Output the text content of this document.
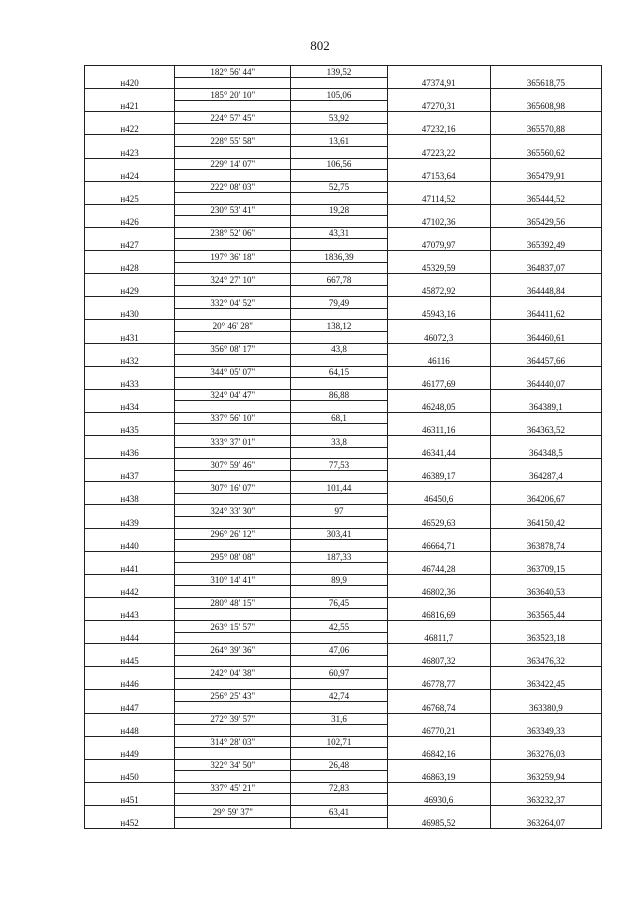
802
	182° 56' 44"	139,52		
н420			47374,91	365618,75
	185° 20' 10"	105,06		
н421			47270,31	365608,98
	224° 57' 45"	53,92		
н422			47232,16	365570,88
	228° 55' 58"	13,61		
н423			47223,22	365560,62
	229° 14' 07"	106,56		
н424			47153,64	365479,91
	222° 08' 03"	52,75		
н425			47114,52	365444,52
	230° 53' 41"	19,28		
н426			47102,36	365429,56
	238° 52' 06"	43,31		
н427			47079,97	365392,49
	197° 36' 18"	1836,39		
н428			45329,59	364837,07
	324° 27' 10"	667,78		
н429			45872,92	364448,84
	332° 04' 52"	79,49		
н430			45943,16	364411,62
	20° 46' 28"	138,12		
н431			46072,3	364460,61
	356° 08' 17"	43,8		
н432			46116	364457,66
	344° 05' 07"	64,15		
н433			46177,69	364440,07
	324° 04' 47"	86,88		
н434			46248,05	364389,1
	337° 56' 10"	68,1		
н435			46311,16	364363,52
	333° 37' 01"	33,8		
н436			46341,44	364348,5
	307° 59' 46"	77,53		
н437			46389,17	364287,4
	307° 16' 07"	101,44		
н438			46450,6	364206,67
	324° 33' 30"	97		
н439			46529,63	364150,42
	296° 26' 12"	303,41		
н440			46664,71	363878,74
	295° 08' 08"	187,33		
н441			46744,28	363709,15
	310° 14' 41"	89,9		
н442			46802,36	363640,53
	280° 48' 15"	76,45		
н443			46816,69	363565,44
	263° 15' 57"	42,55		
н444			46811,7	363523,18
	264° 39' 36"	47,06		
н445			46807,32	363476,32
	242° 04' 38"	60,97		
н446			46778,77	363422,45
	256° 25' 43"	42,74		
н447			46768,74	363380,9
	272° 39' 57"	31,6		
н448			46770,21	363349,33
	314° 28' 03"	102,71		
н449			46842,16	363276,03
	322° 34' 50"	26,48		
н450			46863,19	363259,94
	337° 45' 21"	72,83		
н451			46930,6	363232,37
	29° 59' 37"	63,41		
н452			46985,52	363264,07
